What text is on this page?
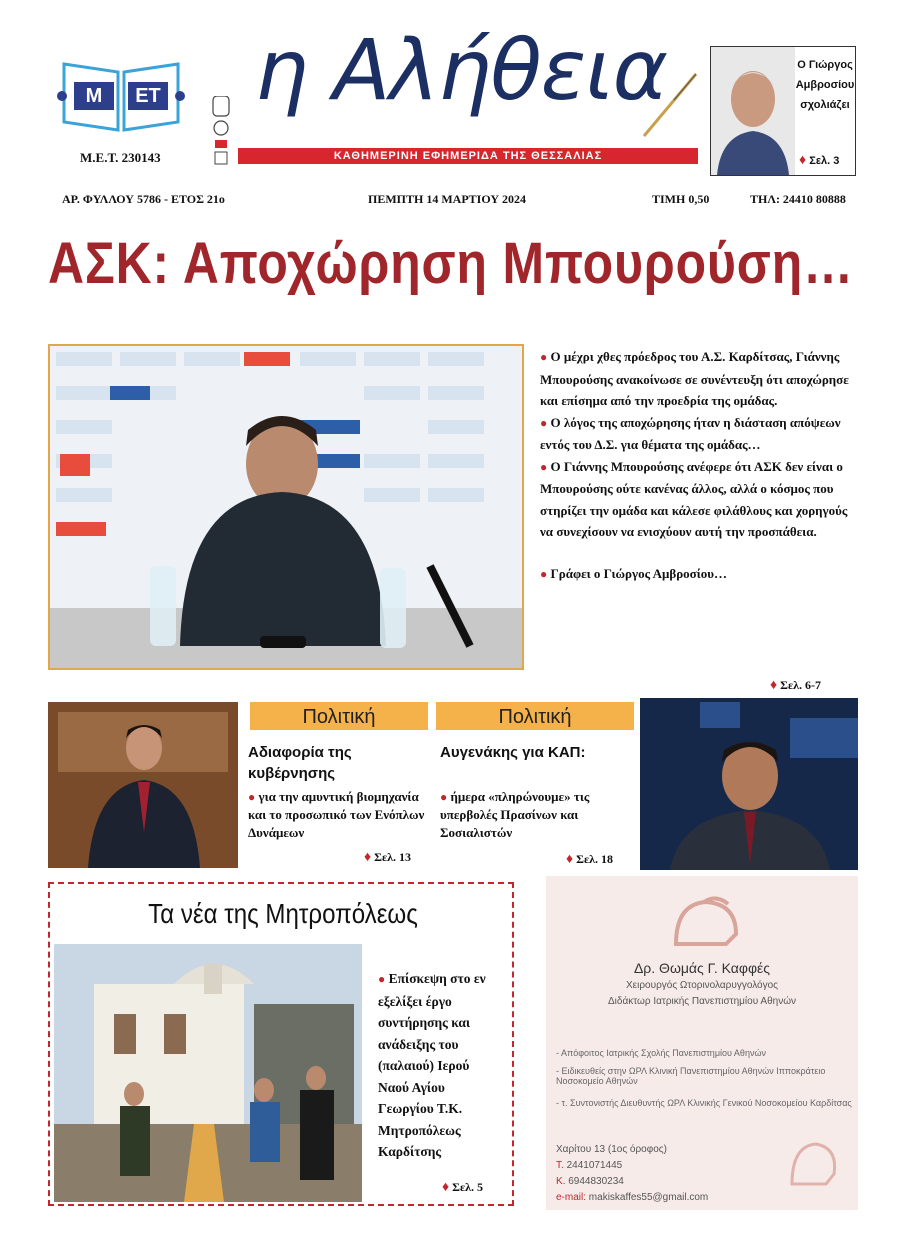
M	ET
Μ.Ε.Τ. 230143
η Αλήθεια
ΚΑΘΗΜΕΡΙΝΗ ΕΦΗΜΕΡΙΔΑ ΤΗΣ ΘΕΣΣΑΛΙΑΣ
Ο Γιώργος
Αμβροσίου
σχολιάζει
♦ Σελ. 3
ΑΡ. ΦΥΛΛΟΥ 5786 - ΕΤΟΣ 21ο	ΠΕΜΠΤΗ 14 ΜΑΡΤΙΟΥ 2024	ΤΙΜΗ 0,50	ΤΗΛ: 24410 80888
ΑΣΚ: Αποχώρηση Μπουρούση…

● Ο μέχρι χθες πρόεδρος του Α.Σ. Καρδίτσας, Γιάννης Μπουρούσης ανακοίνωσε σε συνέντευξη ότι αποχώρησε και επίσημα από την προεδρία της ομάδας.

● Ο λόγος της αποχώρησης ήταν η διάσταση απόψεων εντός του Δ.Σ. για θέματα της ομάδας…

● Ο Γιάννης Μπουρούσης ανέφερε ότι ΑΣΚ δεν είναι ο Μπουρούσης ούτε κανένας άλλος, αλλά ο κόσμος που στηρίζει την ομάδα και κάλεσε φιλάθλους και χορηγούς να συνεχίσουν να ενισχύουν αυτή την προσπάθεια.

● Γράφει ο Γιώργος Αμβροσίου…

♦ Σελ. 6-7
Πολιτική
Αδιαφορία της κυβέρνησης
● για την αμυντική βιομηχανία και το προσωπικό των Ενόπλων Δυνάμεων
♦ Σελ. 13
Πολιτική
Αυγενάκης για ΚΑΠ:
● ήμερα «πληρώνουμε» τις υπερβολές Πρασίνων και Σοσιαλιστών
♦ Σελ. 18
Τα νέα της Μητροπόλεως
● Επίσκεψη στο εν εξελίξει έργο συντήρησης και ανάδειξης του (παλαιού) Ιερού Ναού Αγίου Γεωργίου Τ.Κ. Μητροπόλεως Καρδίτσης
♦ Σελ. 5
Δρ. Θωμάς Γ. Καφφές
Χειρουργός Ωτορινολαρυγγολόγος
Διδάκτωρ Ιατρικής Πανεπιστημίου Αθηνών
- Απόφοιτος Ιατρικής Σχολής Πανεπιστημίου Αθηνών
- Ειδικευθείς στην ΩΡΛ Κλινική Πανεπιστημίου Αθηνών Ιπποκράτειο Νοσοκομείο Αθηνών
- τ. Συντονιστής Διευθυντής ΩΡΛ Κλινικής Γενικού Νοσοκομείου Καρδίτσας
Χαρίτου 13 (1ος όροφος)
Τ. 2441071445
Κ. 6944830234
e-mail: makiskaffes55@gmail.com
